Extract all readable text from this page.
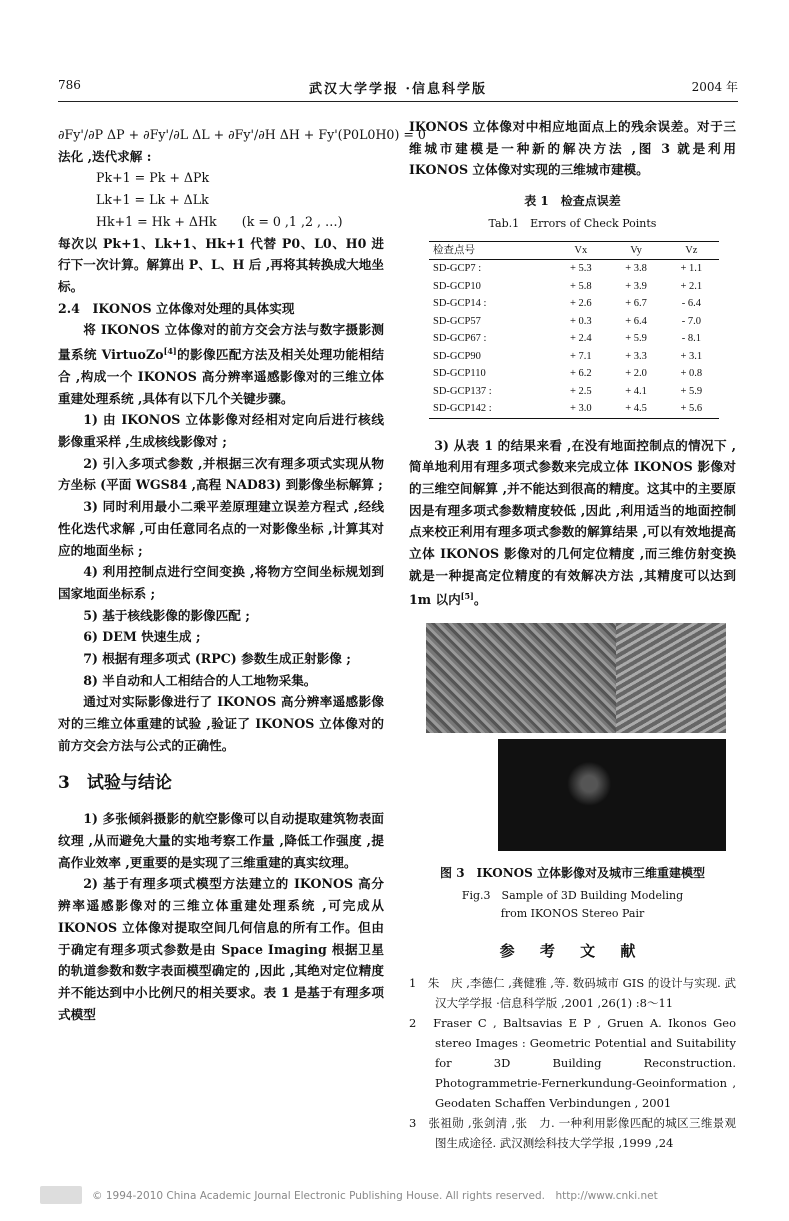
786	武汉大学学报 ·信息科学版	2004 年

∂Fy'/∂P ΔP + ∂Fy'/∂L ΔL + ∂Fy'/∂H ΔH + Fy'(P0L0H0) = 0

法化 ,迭代求解 :

Pk+1 = Pk + ΔPk

Lk+1 = Lk + ΔLk

Hk+1 = Hk + ΔHk　　(k = 0 ,1 ,2 , …)

每次以 Pk+1、Lk+1、Hk+1 代替 P0、L0、H0 进行下一次计算。解算出 P、L、H 后 ,再将其转换成大地坐标。

2.4　IKONOS 立体像对处理的具体实现

将 IKONOS 立体像对的前方交会方法与数字摄影测量系统 VirtuoZo[4]的影像匹配方法及相关处理功能相结合 ,构成一个 IKONOS 高分辨率遥感影像对的三维立体重建处理系统 ,具体有以下几个关键步骤。

1) 由 IKONOS 立体影像对经相对定向后进行核线影像重采样 ,生成核线影像对 ;

2) 引入多项式参数 ,并根据三次有理多项式实现从物方坐标 (平面 WGS84 ,高程 NAD83) 到影像坐标解算 ;

3) 同时利用最小二乘平差原理建立误差方程式 ,经线性化迭代求解 ,可由任意同名点的一对影像坐标 ,计算其对应的地面坐标 ;

4) 利用控制点进行空间变换 ,将物方空间坐标规划到国家地面坐标系 ;

5) 基于核线影像的影像匹配 ;

6) DEM 快速生成 ;

7) 根据有理多项式 (RPC) 参数生成正射影像 ;

8) 半自动和人工相结合的人工地物采集。

通过对实际影像进行了 IKONOS 高分辨率遥感影像对的三维立体重建的试验 ,验证了 IKONOS 立体像对的前方交会方法与公式的正确性。

3　试验与结论

1) 多张倾斜摄影的航空影像可以自动提取建筑物表面纹理 ,从而避免大量的实地考察工作量 ,降低工作强度 ,提高作业效率 ,更重要的是实现了三维重建的真实纹理。

2) 基于有理多项式模型方法建立的 IKONOS 高分辨率遥感影像对的三维立体重建处理系统 ,可完成从 IKONOS 立体像对提取空间几何信息的所有工作。但由于确定有理多项式参数是由 Space Imaging 根据卫星的轨道参数和数字表面模型确定的 ,因此 ,其绝对定位精度并不能达到中小比例尺的相关要求。表 1 是基于有理多项式模型

IKONOS 立体像对中相应地面点上的残余误差。对于三维城市建模是一种新的解决方法 ,图 3 就是利用 IKONOS 立体像对实现的三维城市建模。

表 1　检查点误差

Tab.1　Errors of Check Points

检查点号	Vx	Vy	Vz
SD-GCP7 :	+ 5.3	+ 3.8	+ 1.1
SD-GCP10	+ 5.8	+ 3.9	+ 2.1
SD-GCP14 :	+ 2.6	+ 6.7	- 6.4
SD-GCP57	+ 0.3	+ 6.4	- 7.0
SD-GCP67 :	+ 2.4	+ 5.9	- 8.1
SD-GCP90	+ 7.1	+ 3.3	+ 3.1
SD-GCP110	+ 6.2	+ 2.0	+ 0.8
SD-GCP137 :	+ 2.5	+ 4.1	+ 5.9
SD-GCP142 :	+ 3.0	+ 4.5	+ 5.6

3) 从表 1 的结果来看 ,在没有地面控制点的情况下 ,简单地利用有理多项式参数来完成立体 IKONOS 影像对的三维空间解算 ,并不能达到很高的精度。这其中的主要原因是有理多项式参数精度较低 ,因此 ,利用适当的地面控制点来校正利用有理多项式参数的解算结果 ,可以有效地提高立体 IKONOS 影像对的几何定位精度 ,而三维仿射变换就是一种提高定位精度的有效解决方法 ,其精度可以达到 1m 以内[5]。

图 3　IKONOS 立体影像对及城市三维重建模型

Fig.3　Sample of 3D Building Modeling
from IKONOS Stereo Pair

参 考 文 献

1　朱　庆 ,李德仁 ,龚健雅 ,等. 数码城市 GIS 的设计与实现. 武汉大学学报 ·信息科学版 ,2001 ,26(1) :8～11

2　Fraser C , Baltsavias E P , Gruen A. Ikonos Geo stereo Images : Geometric Potential and Suitability for 3D Building Reconstruction.　Photogrammetrie-Fernerkundung-Geoinformation , Geodaten Schaffen Verbindungen , 2001

3　张祖勋 ,张剑清 ,张　力. 一种利用影像匹配的城区三维景观图生成途径. 武汉测绘科技大学学报 ,1999 ,24

© 1994-2010 China Academic Journal Electronic Publishing House. All rights reserved.　http://www.cnki.net
